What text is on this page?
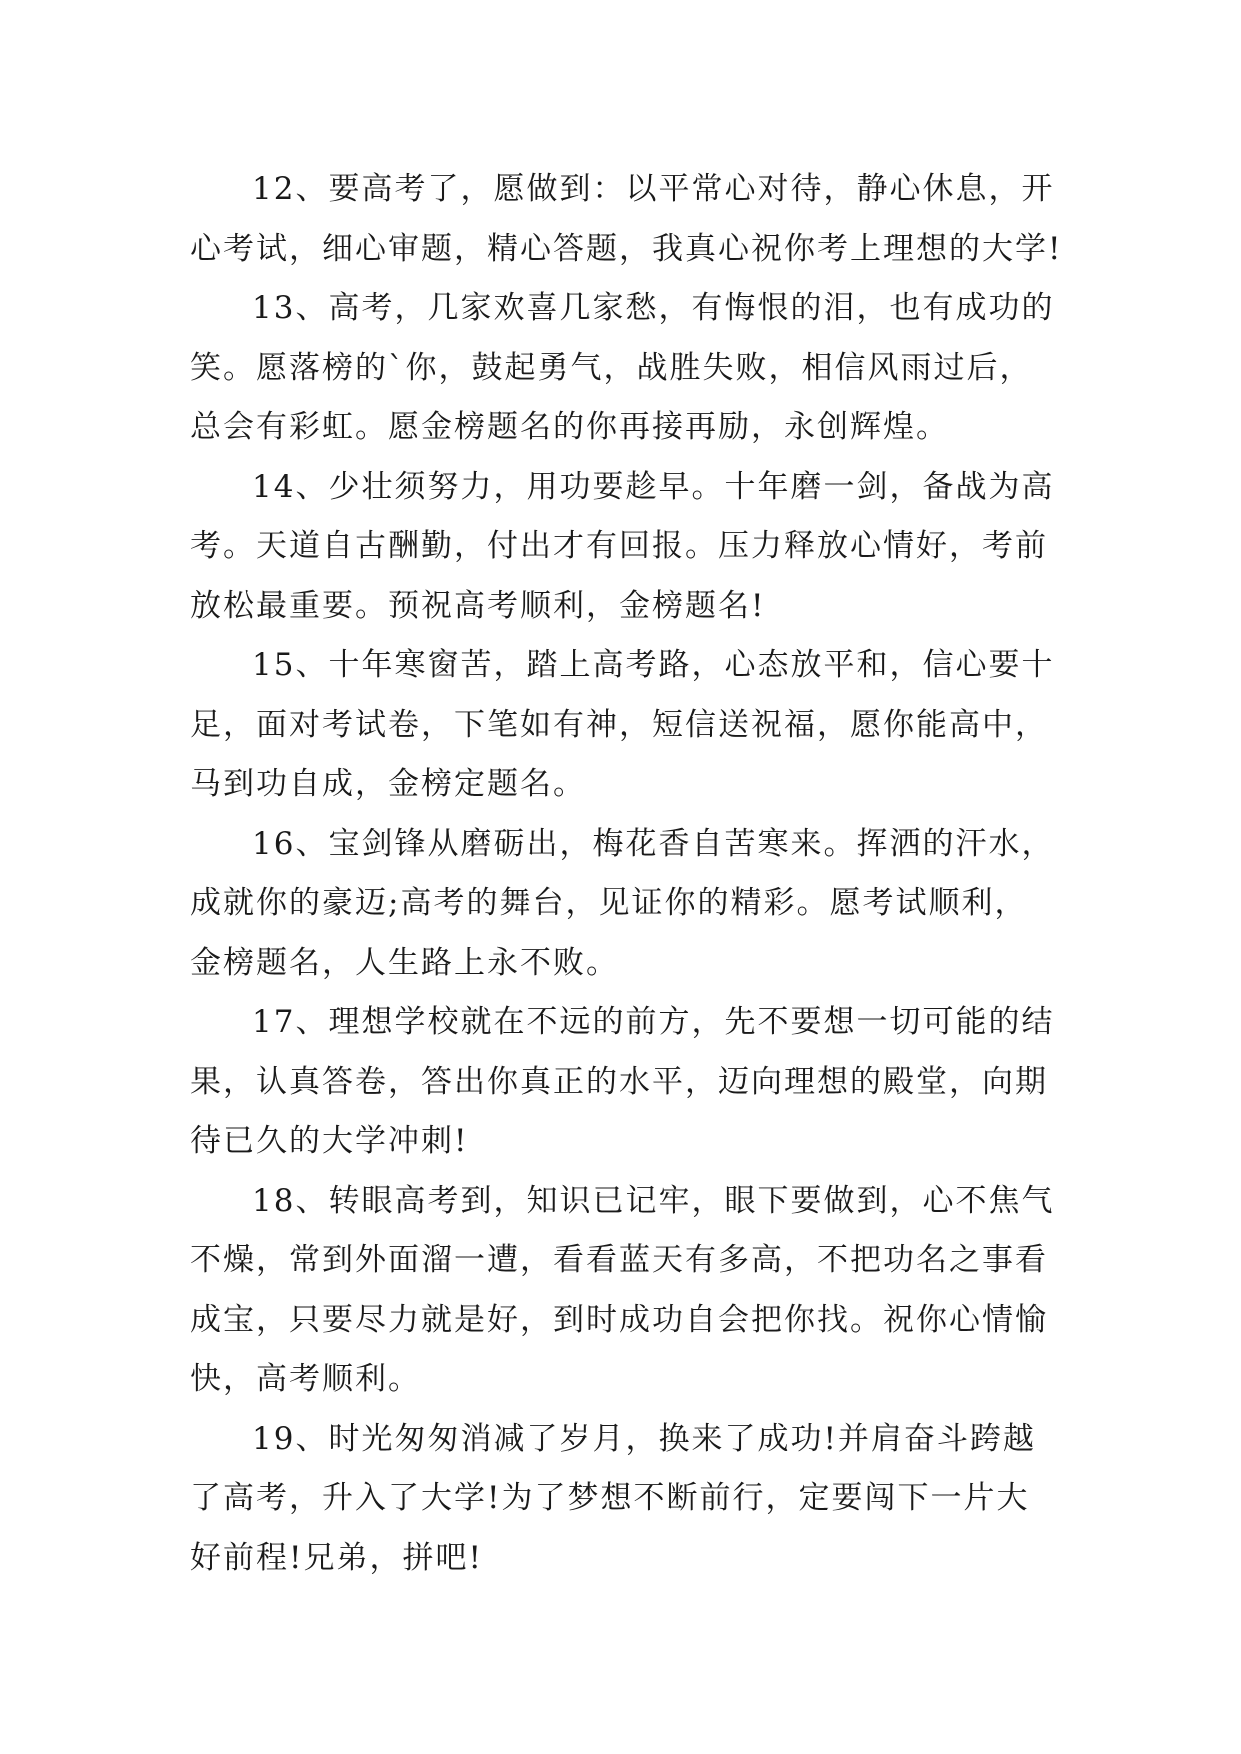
12、要高考了，愿做到：以平常心对待，静心休息，开
心考试，细心审题，精心答题，我真心祝你考上理想的大学!

13、高考，几家欢喜几家愁，有悔恨的泪，也有成功的
笑。愿落榜的`你，鼓起勇气，战胜失败，相信风雨过后，
总会有彩虹。愿金榜题名的你再接再励，永创辉煌。

14、少壮须努力，用功要趁早。十年磨一剑，备战为高
考。天道自古酬勤，付出才有回报。压力释放心情好，考前
放松最重要。预祝高考顺利，金榜题名!

15、十年寒窗苦，踏上高考路，心态放平和，信心要十
足，面对考试卷，下笔如有神，短信送祝福，愿你能高中，
马到功自成，金榜定题名。

16、宝剑锋从磨砺出，梅花香自苦寒来。挥洒的汗水，
成就你的豪迈;高考的舞台，见证你的精彩。愿考试顺利，
金榜题名，人生路上永不败。

17、理想学校就在不远的前方，先不要想一切可能的结
果，认真答卷，答出你真正的水平，迈向理想的殿堂，向期
待已久的大学冲刺!

18、转眼高考到，知识已记牢，眼下要做到，心不焦气
不燥，常到外面溜一遭，看看蓝天有多高，不把功名之事看
成宝，只要尽力就是好，到时成功自会把你找。祝你心情愉
快，高考顺利。

19、时光匆匆消减了岁月，换来了成功!并肩奋斗跨越
了高考，升入了大学!为了梦想不断前行，定要闯下一片大
好前程!兄弟，拼吧!
